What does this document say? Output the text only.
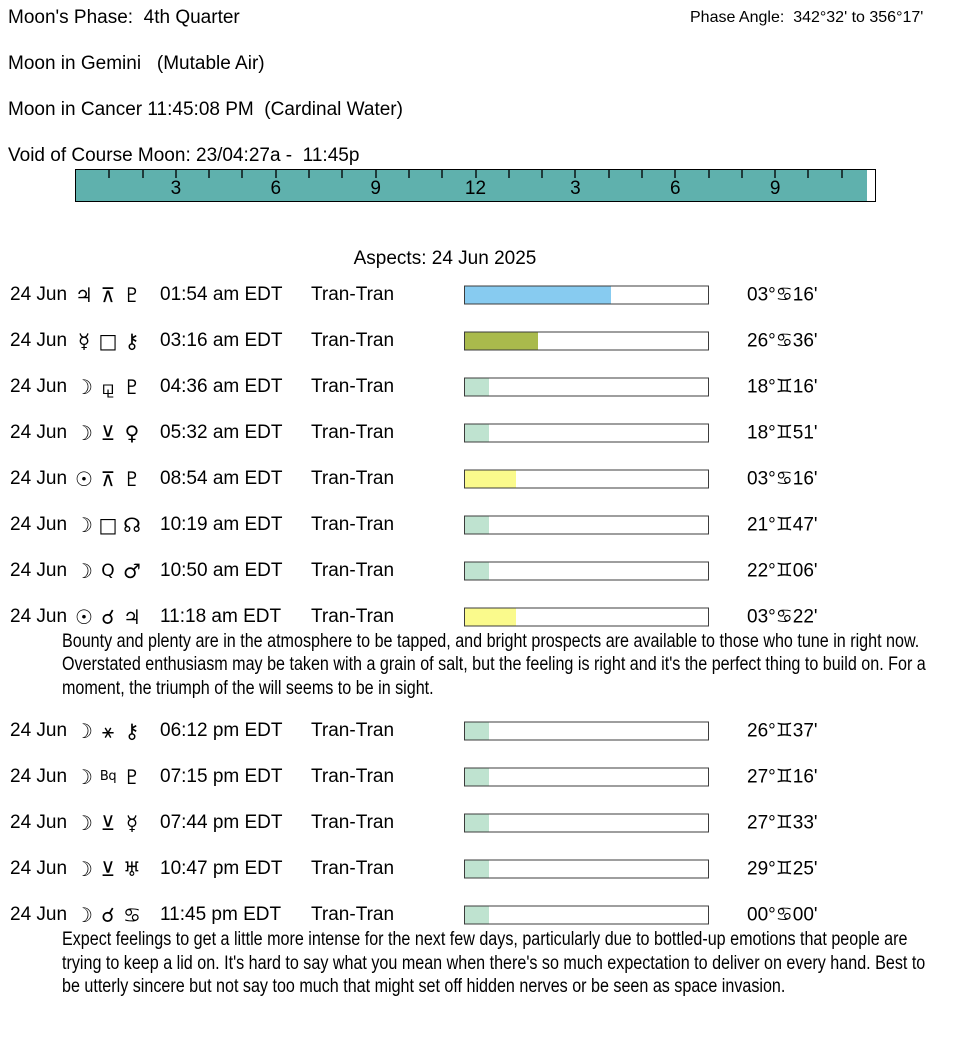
Moon's Phase:  4th Quarter	Phase Angle:  342°32' to 356°17'
Moon in Gemini   (Mutable Air)
Moon in Cancer 11:45:08 PM  (Cardinal Water)
Void of Course Moon: 23/04:27a -  11:45p
3	6	9	12	3	6	9
Aspects: 24 Jun 2025
24 Jun ♃ ⊼ ♇ 01:54 am EDT Tran-Tran	03°♋16'
24 Jun ☿ □ ⚷ 03:16 am EDT Tran-Tran	26°♋36'
24 Jun ☽ ⚼ ♇ 04:36 am EDT Tran-Tran	18°♊16'
24 Jun ☽ ⊻ ♀ 05:32 am EDT Tran-Tran	18°♊51'
24 Jun ☉ ⊼ ♇ 08:54 am EDT Tran-Tran	03°♋16'
24 Jun ☽ □ ☊ 10:19 am EDT Tran-Tran	21°♊47'
24 Jun ☽ Q ♂ 10:50 am EDT Tran-Tran	22°♊06'
24 Jun ☉ ☌ ♃ 11:18 am EDT Tran-Tran	03°♋22'
Bounty and plenty are in the atmosphere to be tapped, and bright prospects are available to those who tune in right now. Overstated enthusiasm may be taken with a grain of salt, but the feeling is right and it's the perfect thing to build on. For a moment, the triumph of the will seems to be in sight.
24 Jun ☽ ⚹ ⚷ 06:12 pm EDT Tran-Tran	26°♊37'
24 Jun ☽ Bq ♇ 07:15 pm EDT Tran-Tran	27°♊16'
24 Jun ☽ ⊻ ☿	07:44 pm EDT Tran-Tran	27°♊33'
24 Jun ☽ ⊻ ♅ 10:47 pm EDT Tran-Tran	29°♊25'
24 Jun ☽ ☌ ♋ 11:45 pm EDT Tran-Tran	00°♋00'
Expect feelings to get a little more intense for the next few days, particularly due to bottled-up emotions that people are trying to keep a lid on. It's hard to say what you mean when there's so much expectation to deliver on every hand. Best to be utterly sincere but not say too much that might set off hidden nerves or be seen as space invasion.
